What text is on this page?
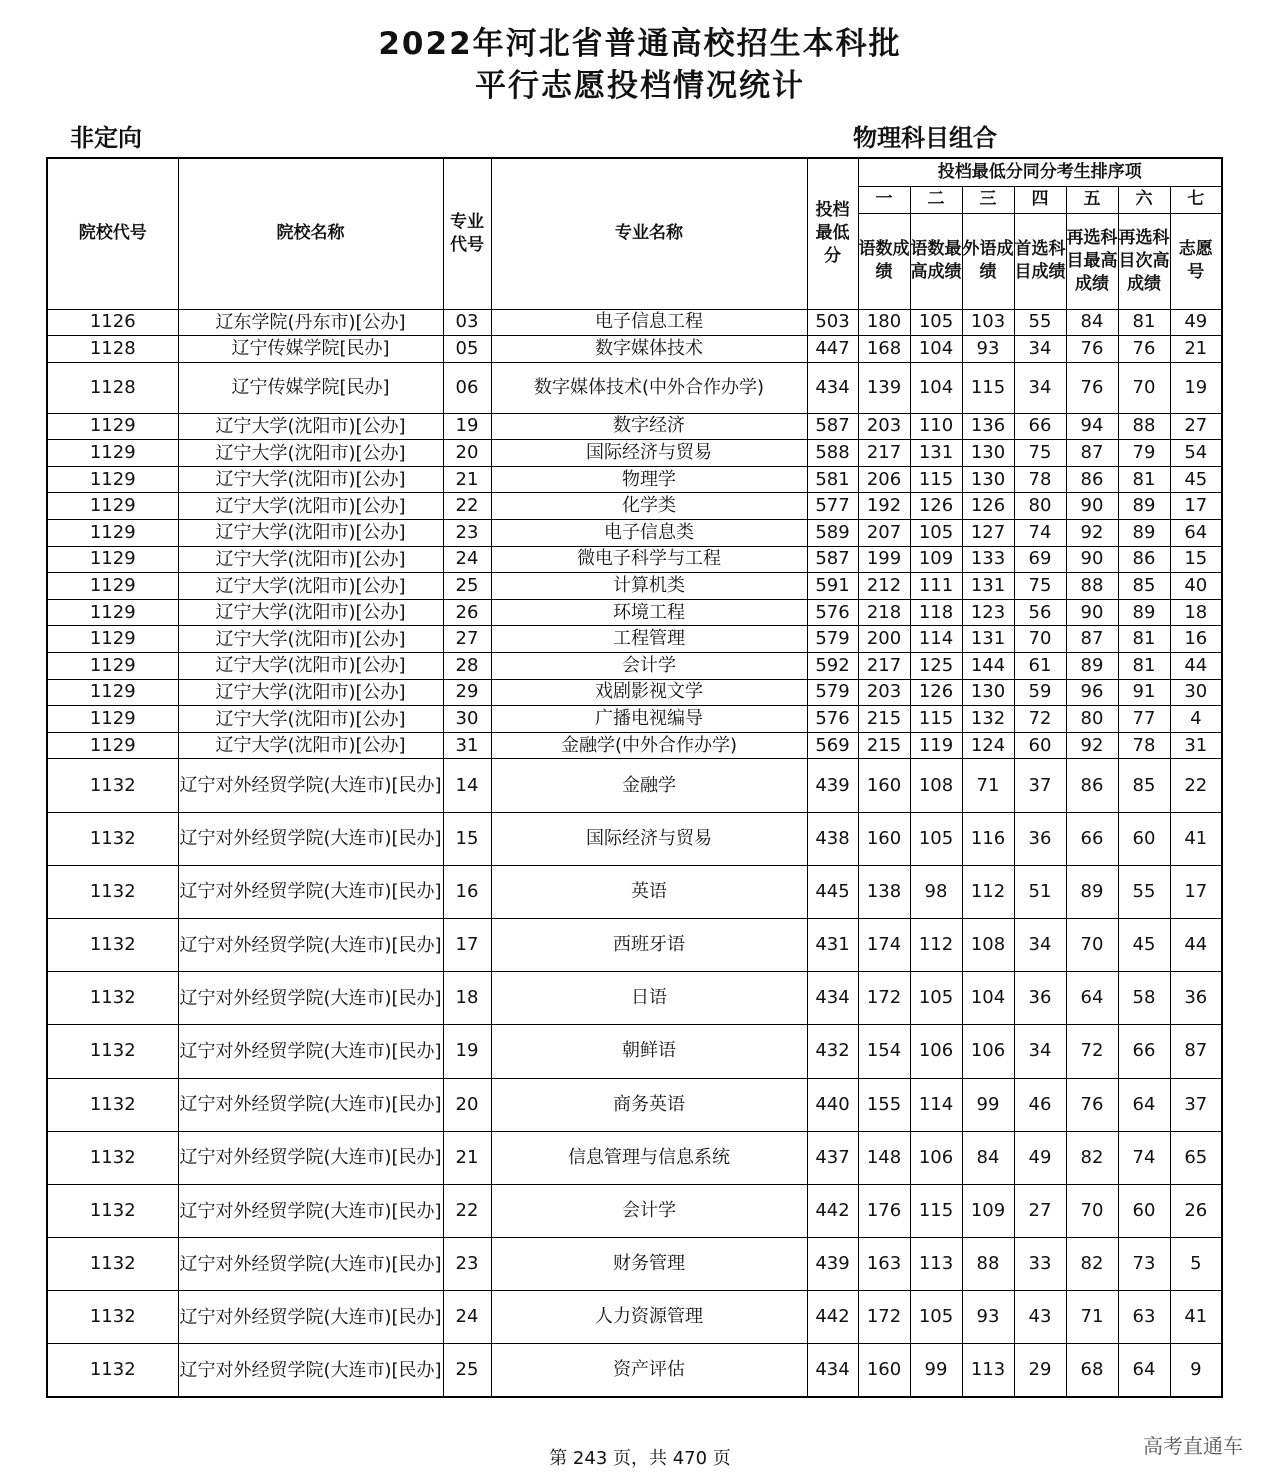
2022年河北省普通高校招生本科批
平行志愿投档情况统计
非定向	物理科目组合
院校代号	院校名称	专业代号	专业名称	投档最低分	投档最低分同分考生排序项						
					一	二	三	四	五	六	七
					语数成绩	语数最高成绩	外语成绩	首选科目成绩	再选科目最高成绩	再选科目次高成绩	志愿号
1126	辽东学院(丹东市)[公办]	03	电子信息工程	503	180	105	103	55	84	81	49
1128	辽宁传媒学院[民办]	05	数字媒体技术	447	168	104	93	34	76	76	21
1128	辽宁传媒学院[民办]	06	数字媒体技术(中外合作办学)	434	139	104	115	34	76	70	19
1129	辽宁大学(沈阳市)[公办]	19	数字经济	587	203	110	136	66	94	88	27
1129	辽宁大学(沈阳市)[公办]	20	国际经济与贸易	588	217	131	130	75	87	79	54
1129	辽宁大学(沈阳市)[公办]	21	物理学	581	206	115	130	78	86	81	45
1129	辽宁大学(沈阳市)[公办]	22	化学类	577	192	126	126	80	90	89	17
1129	辽宁大学(沈阳市)[公办]	23	电子信息类	589	207	105	127	74	92	89	64
1129	辽宁大学(沈阳市)[公办]	24	微电子科学与工程	587	199	109	133	69	90	86	15
1129	辽宁大学(沈阳市)[公办]	25	计算机类	591	212	111	131	75	88	85	40
1129	辽宁大学(沈阳市)[公办]	26	环境工程	576	218	118	123	56	90	89	18
1129	辽宁大学(沈阳市)[公办]	27	工程管理	579	200	114	131	70	87	81	16
1129	辽宁大学(沈阳市)[公办]	28	会计学	592	217	125	144	61	89	81	44
1129	辽宁大学(沈阳市)[公办]	29	戏剧影视文学	579	203	126	130	59	96	91	30
1129	辽宁大学(沈阳市)[公办]	30	广播电视编导	576	215	115	132	72	80	77	4
1129	辽宁大学(沈阳市)[公办]	31	金融学(中外合作办学)	569	215	119	124	60	92	78	31
1132	辽宁对外经贸学院(大连市)[民办]	14	金融学	439	160	108	71	37	86	85	22
1132	辽宁对外经贸学院(大连市)[民办]	15	国际经济与贸易	438	160	105	116	36	66	60	41
1132	辽宁对外经贸学院(大连市)[民办]	16	英语	445	138	98	112	51	89	55	17
1132	辽宁对外经贸学院(大连市)[民办]	17	西班牙语	431	174	112	108	34	70	45	44
1132	辽宁对外经贸学院(大连市)[民办]	18	日语	434	172	105	104	36	64	58	36
1132	辽宁对外经贸学院(大连市)[民办]	19	朝鲜语	432	154	106	106	34	72	66	87
1132	辽宁对外经贸学院(大连市)[民办]	20	商务英语	440	155	114	99	46	76	64	37
1132	辽宁对外经贸学院(大连市)[民办]	21	信息管理与信息系统	437	148	106	84	49	82	74	65
1132	辽宁对外经贸学院(大连市)[民办]	22	会计学	442	176	115	109	27	70	60	26
1132	辽宁对外经贸学院(大连市)[民办]	23	财务管理	439	163	113	88	33	82	73	5
1132	辽宁对外经贸学院(大连市)[民办]	24	人力资源管理	442	172	105	93	43	71	63	41
1132	辽宁对外经贸学院(大连市)[民办]	25	资产评估	434	160	99	113	29	68	64	9
第 243 页，共 470 页
高考直通车
